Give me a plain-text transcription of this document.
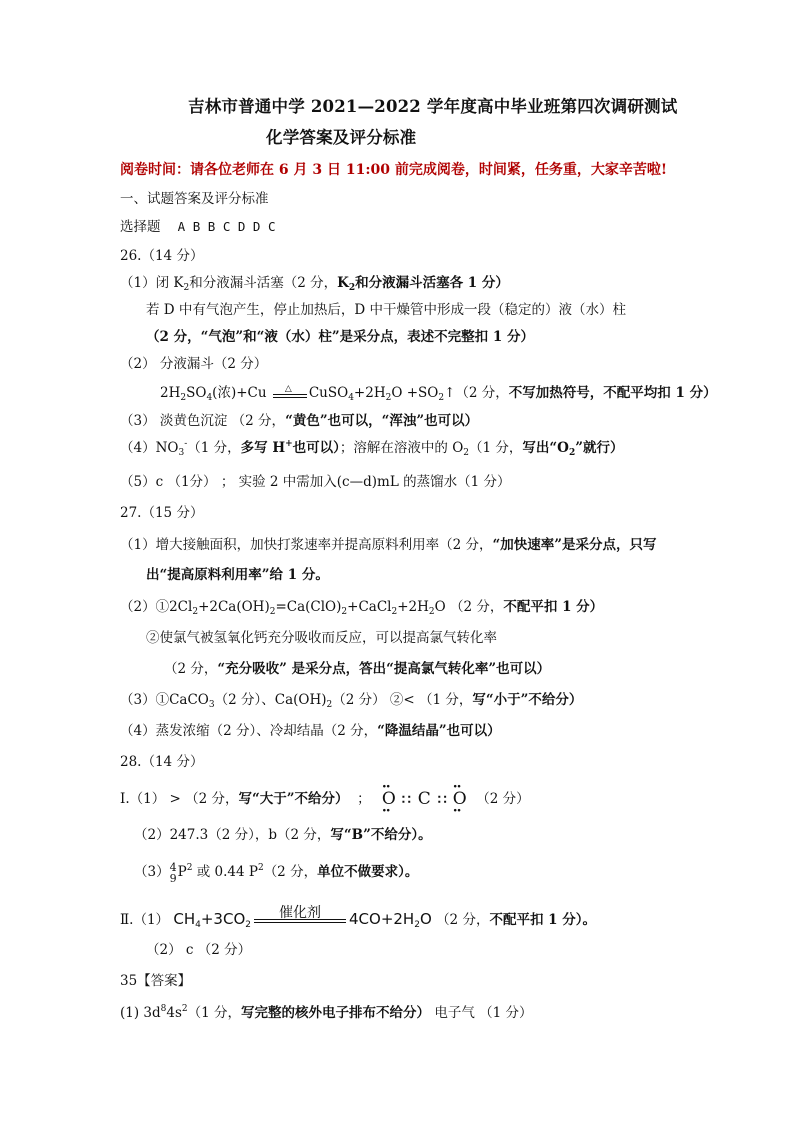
吉林市普通中学 2021—2022 学年度高中毕业班第四次调研测试
化学答案及评分标准
阅卷时间：请各位老师在 6 月 3 日 11:00 前完成阅卷，时间紧，任务重，大家辛苦啦!
一、试题答案及评分标准
选择题 A B B C D D C
26.（14 分）
（1）闭 $K_2$和分液漏斗活塞（2 分，$K_2$和分液漏斗活塞各 1 分）
若 D 中有气泡产生，停止加热后，D 中干燥管中形成一段（稳定的）液（水）柱
（2 分，“气泡”和“液（水）柱”是采分点，表述不完整扣 1 分）
（2） 分液漏斗（2 分）
$2H_2SO_4$(浓)+Cu △ $CuSO_4+2H_2O$ $+SO_2↑(2$ 分，不写加热符号，不配平均扣 1 分）
（3） 淡黄色沉淀 （2 分，“黄色”也可以，“浑浊”也可以）
$(4)NO_3^-(1$ 分，多写 H+也可以）；溶解在溶液中的 $O_2(1$ 分，写出“$O_2$”就行）
（5）c （1分） ； 实验 2 中需加入(c—d)mL 的蒸馏水（1 分）
27.（15 分）
（1）增大接触面积，加快打浆速率并提高原料利用率（2 分，“加快速率”是采分点，只写
出“提高原料利用率”给 1 分。
$(2)①2Cl_2+2Ca(OH)_2=Ca(ClO)_2+CaCl_2+2H_2O$ （2 分，不配平扣 1 分）
②使氯气被氢氧化钙充分吸收而反应，可以提高氯气转化率
（2 分，“充分吸收” 是采分点，答出“提高氯气转化率”也可以）
（3）①CaCO$_3$（2 分）、$Ca(OH)_2(2$ 分） ②< （1 分，写“小于”不给分）
（4）蒸发浓缩（2 分）、冷却结晶（2 分，“降温结晶”也可以）
28.（14 分）
Ⅰ.（1） > （2 分，写“大于”不给分） ； ·· O ·· ∷ C ∷ ·· O ·· （2 分）
（2）247.3（2 分），b（2 分，写“B”不给分）。
（3） 4
9 $P^2$ 或 0.44 $P^2(2$ 分，单位不做要求）。
Ⅱ.（1） $CH_4+3CO_2$
催化剂	$4CO+2H_2O$ （2 分，不配平扣 1 分）。
（2） c （2 分）
35【答案】
(1) $3d^84s^2(1$ 分，写完整的核外电子排布不给分） 电子气 （1 分）
